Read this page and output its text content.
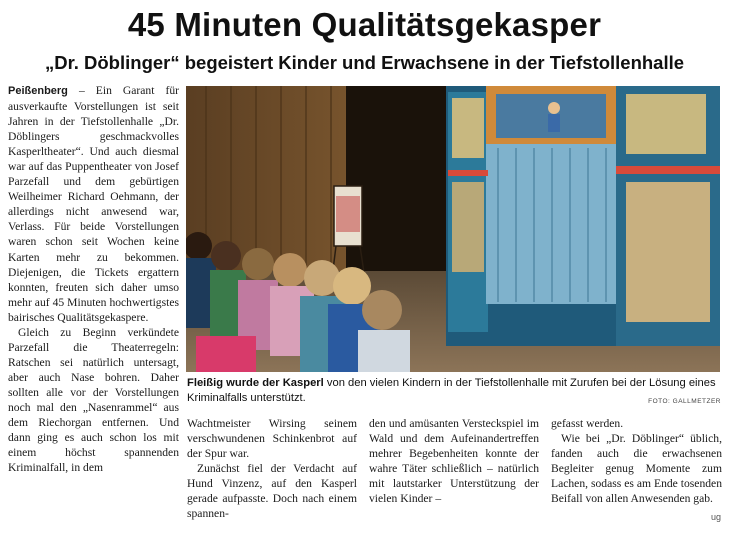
45 Minuten Qualitätsgekasper
„Dr. Döblinger“ begeistert Kinder und Erwachsene in der Tiefstollenhalle

Peißenberg – Ein Garant für ausverkaufte Vorstellungen ist seit Jahren in der Tiefstollenhalle „Dr. Döblingers geschmackvolles Kasperltheater“. Und auch diesmal war auf das Puppentheater von Josef Parzefall und dem gebürtigen Weilheimer Richard Oehmann, der allerdings nicht anwesend war, Verlass. Für beide Vorstellungen waren schon seit Wochen keine Karten mehr zu bekommen. Diejenigen, die Tickets ergattern konnten, freuten sich daher umso mehr auf 45 Minuten hochwertigstes bairisches Qualitätsgekaspere.

Gleich zu Beginn verkündete Parzefall die Theaterregeln: Ratschen sei natürlich untersagt, aber auch Nase bohren. Daher sollten alle vor der Vorstellungen noch mal den „Nasenrammel“ aus dem Riechorgan entfernen. Und dann ging es auch schon los mit einem höchst spannenden Kriminalfall, in dem

Fleißig wurde der Kasperl von den vielen Kindern in der Tiefstollenhalle mit Zurufen bei der Lösung eines Kriminalfalls unterstützt.	FOTO: GALLMETZER

Wachtmeister Wirsing seinem verschwundenen Schinkenbrot auf der Spur war.

Zunächst fiel der Verdacht auf Hund Vinzenz, auf den Kasperl gerade aufpasste. Doch nach einem spannen-

den und amüsanten Versteckspiel im Wald und dem Aufeinandertreffen mehrer Begebenheiten konnte der wahre Täter schließlich – natürlich mit lautstarker Unterstützung der vielen Kinder –

gefasst werden.

Wie bei „Dr. Döblinger“ üblich, fanden auch die erwachsenen Begleiter genug Momente zum Lachen, sodass es am Ende tosenden Beifall von allen Anwesenden gab.

ug
